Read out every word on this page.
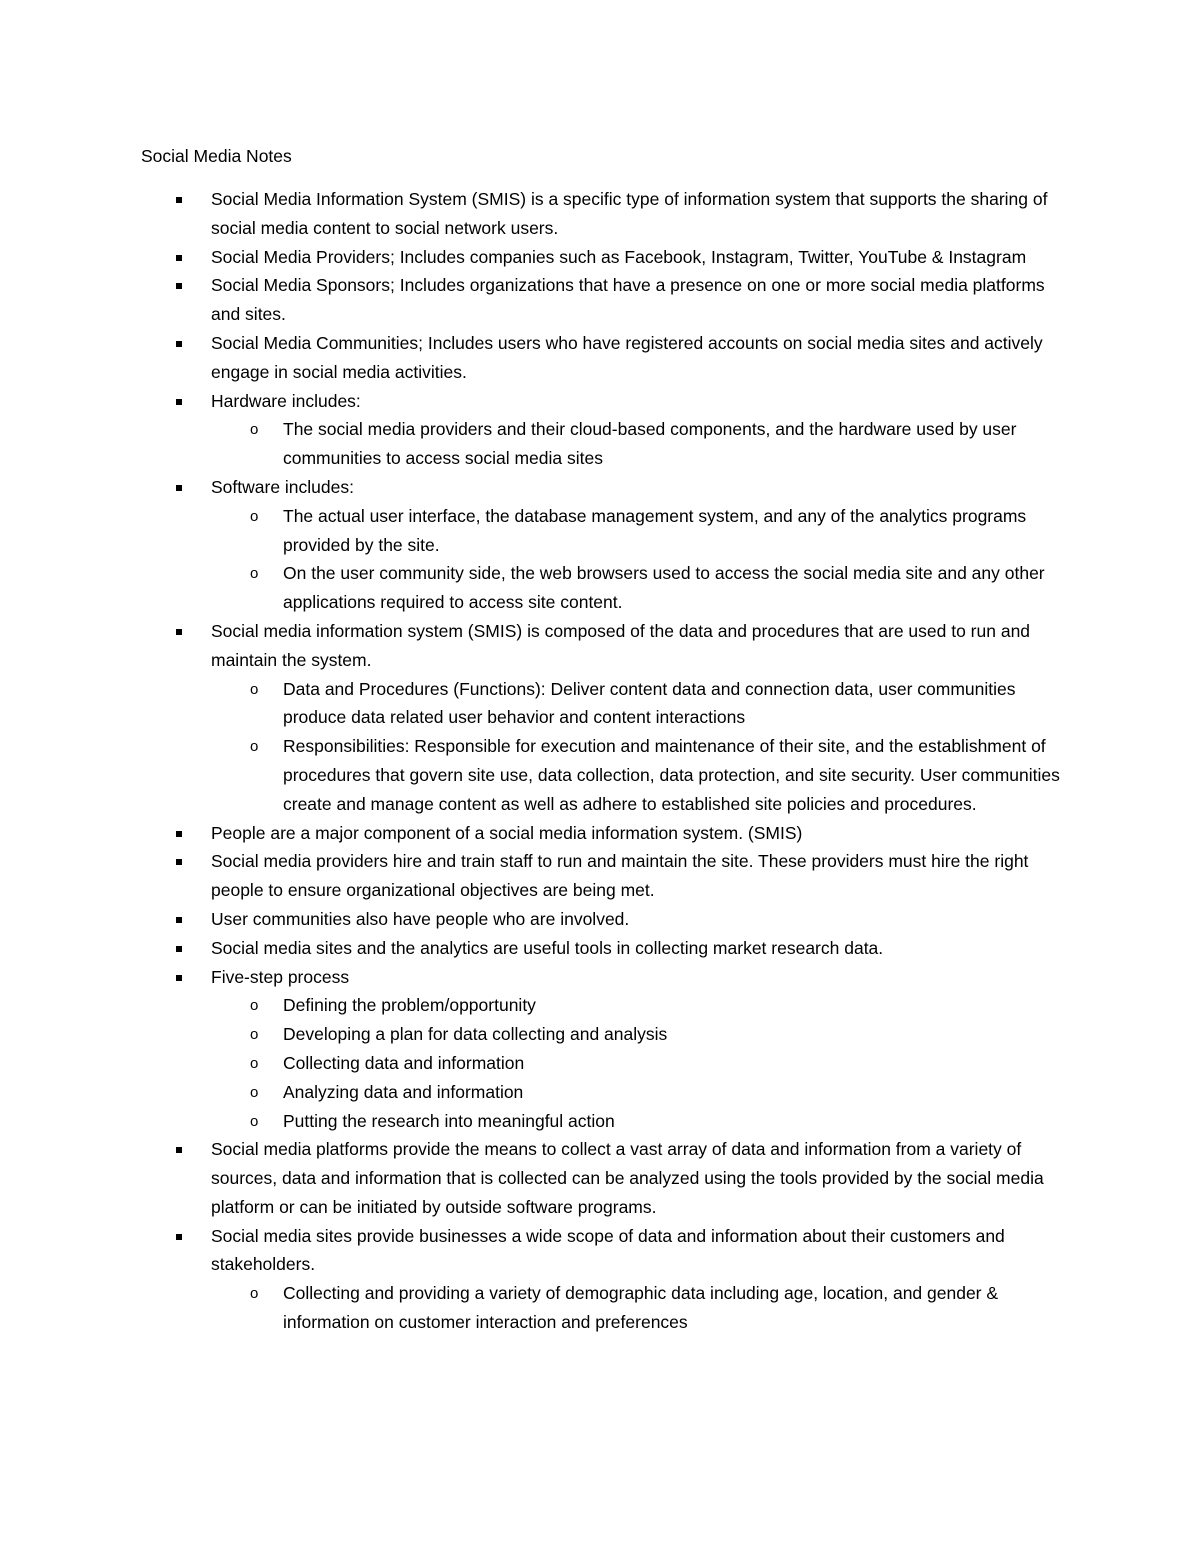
Social Media Notes
Social Media Information System (SMIS) is a specific type of information system that supports the sharing of social media content to social network users.
Social Media Providers; Includes companies such as Facebook, Instagram, Twitter, YouTube & Instagram
Social Media Sponsors; Includes organizations that have a presence on one or more social media platforms and sites.
Social Media Communities; Includes users who have registered accounts on social media sites and actively engage in social media activities.
Hardware includes:
o The social media providers and their cloud-based components, and the hardware used by user communities to access social media sites
Software includes:
o The actual user interface, the database management system, and any of the analytics programs provided by the site.
o On the user community side, the web browsers used to access the social media site and any other applications required to access site content.
Social media information system (SMIS) is composed of the data and procedures that are used to run and maintain the system.
o Data and Procedures (Functions): Deliver content data and connection data, user communities produce data related user behavior and content interactions
o Responsibilities: Responsible for execution and maintenance of their site, and the establishment of procedures that govern site use, data collection, data protection, and site security. User communities create and manage content as well as adhere to established site policies and procedures.
People are a major component of a social media information system. (SMIS)
Social media providers hire and train staff to run and maintain the site. These providers must hire the right people to ensure organizational objectives are being met.
User communities also have people who are involved.
Social media sites and the analytics are useful tools in collecting market research data.
Five-step process
o Defining the problem/opportunity
o Developing a plan for data collecting and analysis
o Collecting data and information
o Analyzing data and information
o Putting the research into meaningful action
Social media platforms provide the means to collect a vast array of data and information from a variety of sources, data and information that is collected can be analyzed using the tools provided by the social media platform or can be initiated by outside software programs.
Social media sites provide businesses a wide scope of data and information about their customers and stakeholders.
o Collecting and providing a variety of demographic data including age, location, and gender & information on customer interaction and preferences
